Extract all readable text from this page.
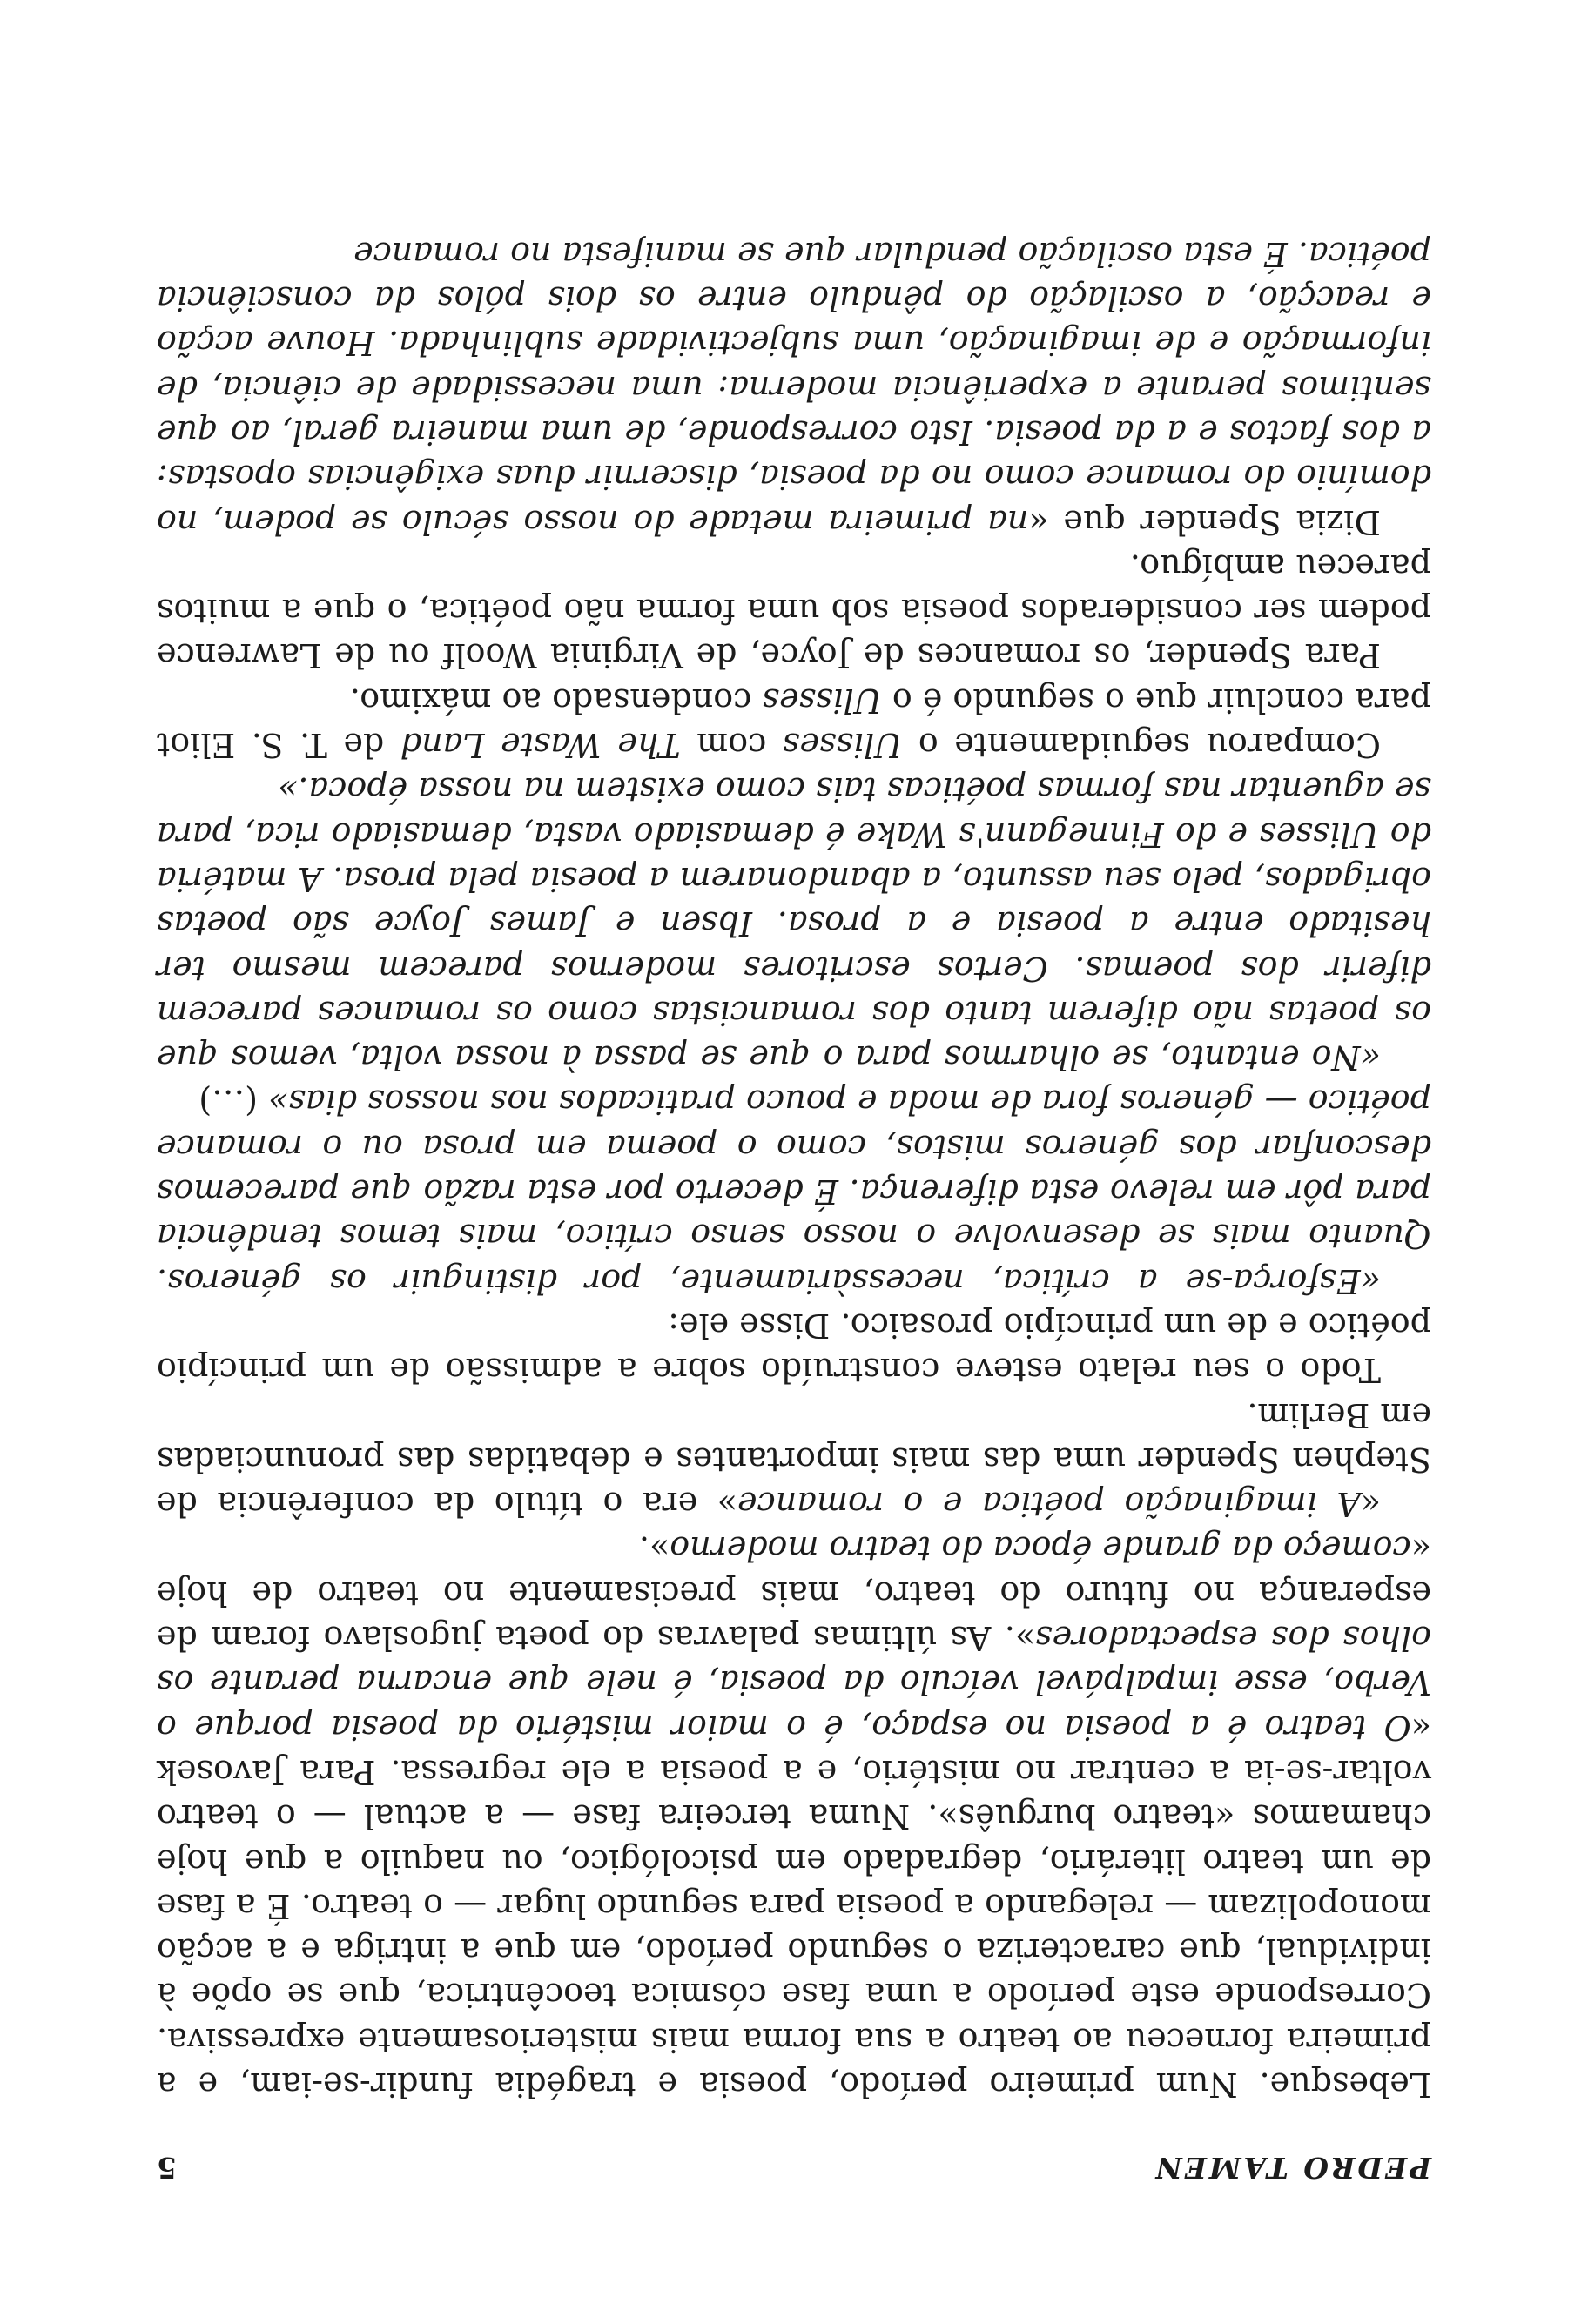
PEDRO TAMEN
5

Lebesque. Num primeiro período, poesia e tragédia fundir-se-iam, e a primeira forneceu ao teatro a sua forma mais misteriosamente expressiva. Corresponde este período a uma fase cósmica teocêntrica, que se opõe à individual, que caracteriza o segundo período, em que a intriga e a acção monopolizam — relegando a poesia para segundo lugar — o teatro. É a fase de um teatro literário, degradado em psicológico, ou naquilo a que hoje chamamos «teatro burguês». Numa terceira fase — a actual — o teatro voltar-se-ia a centrar no mistério, e a poesia a ele regressa. Para Javosek «O teatro é a poesia no espaço, é o maior mistério da poesia porque o Verbo, esse impalpável veículo da poesia, é nele que encarna perante os olhos dos espectadores». As últimas palavras do poeta jugoslavo foram de esperança no futuro do teatro, mais precisamente no teatro de hoje «começo da grande época do teatro moderno».

«A imaginação poética e o romance» era o título da conferência de Stephen Spender uma das mais importantes e debatidas das pronunciadas em Berlim.

Todo o seu relato esteve construído sobre a admissão de um princípio poético e de um princípio prosaico. Disse ele:

«Esforça-se a crítica, necessàriamente, por distinguir os géneros. Quanto mais se desenvolve o nosso senso crítico, mais temos tendência para pôr em relevo esta diferença. É decerto por esta razão que parecemos desconfiar dos géneros mistos, como o poema em prosa ou o romance poético — géneros fora de moda e pouco praticados nos nossos dias» (…)

«No entanto, se olharmos para o que se passa à nossa volta, vemos que os poetas não diferem tanto dos romancistas como os romances parecem diferir dos poemas. Certos escritores modernos parecem mesmo ter hesitado entre a poesia e a prosa. Ibsen e James Joyce são poetas obrigados, pelo seu assunto, a abandonarem a poesia pela prosa. A matéria do Ulisses e do Finnegann's Wake é demasiado vasta, demasiado rica, para se aguentar nas formas poéticas tais como existem na nossa época.»

Comparou seguidamente o Ulisses com The Waste Land de T. S. Eliot para concluir que o segundo é o Ulisses condensado ao máximo.

Para Spender, os romances de Joyce, de Virginia Woolf ou de Lawrence podem ser considerados poesia sob uma forma não poética, o que a muitos pareceu ambíguo.

Dizia Spender que «na primeira metade do nosso século se podem, no domínio do romance como no da poesia, discernir duas exigências opostas: a dos factos e a da poesia. Isto corresponde, de uma maneira geral, ao que sentimos perante a experiência moderna: uma necessidade de ciência, de informação e de imaginação, uma subjectividade sublinhada. Houve acção e reacção, a oscilação do pêndulo entre os dois pólos da consciência poética. É esta oscilação pendular que se manifesta no romance
